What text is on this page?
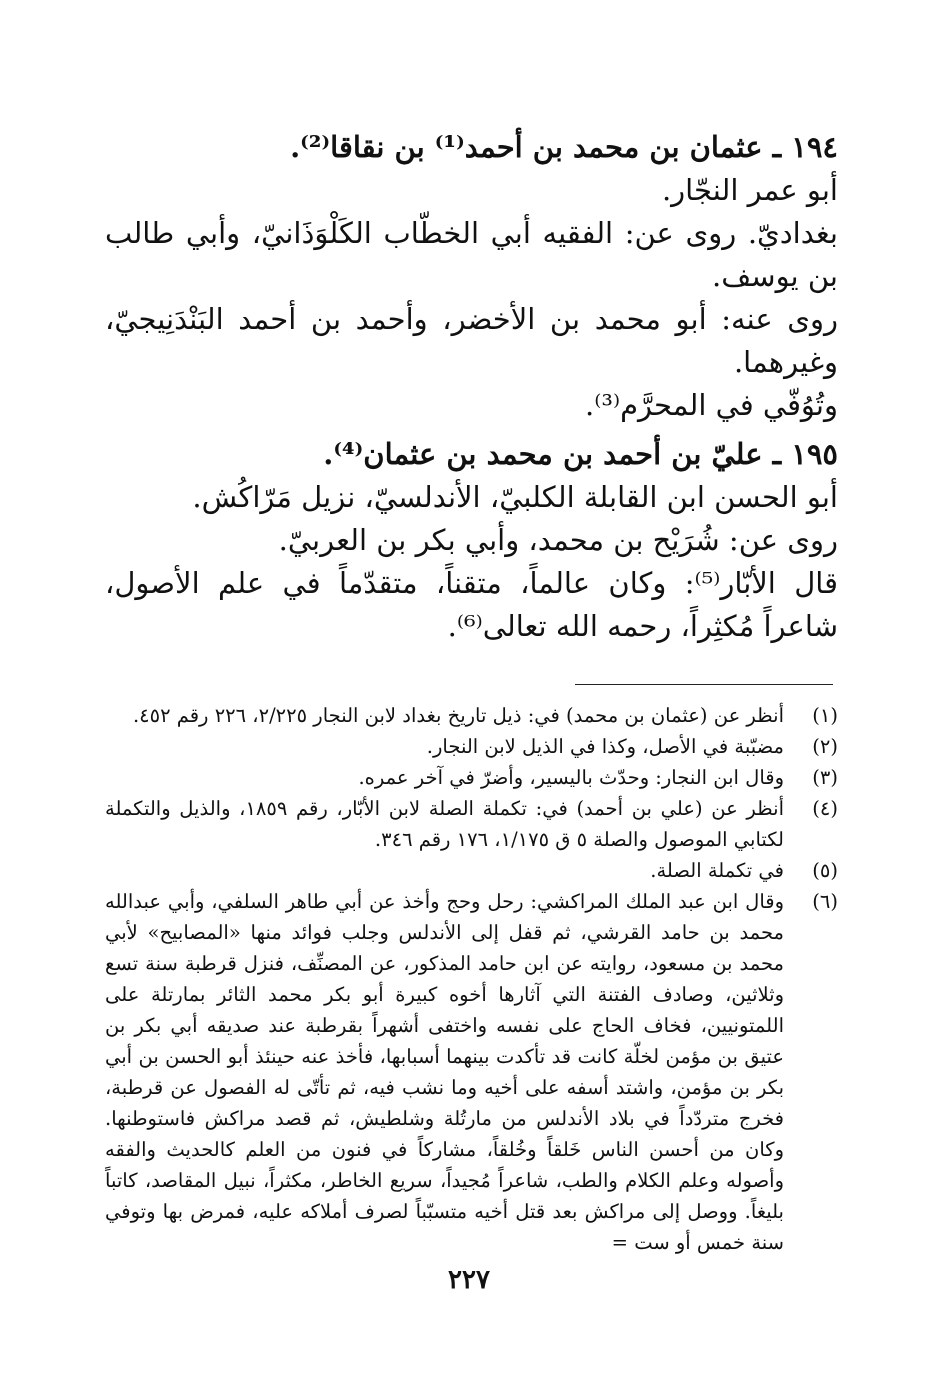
١٩٤ ـ عثمان بن محمد بن أحمد⁽¹⁾ بن نقاقا⁽²⁾.

أبو عمر النجّار.

بغداديّ. روى عن: الفقيه أبي الخطّاب الكَلْوَذَانيّ، وأبي طالب بن يوسف.

روى عنه: أبو محمد بن الأخضر، وأحمد بن أحمد البَنْدَنِيجيّ، وغيرهما.

وتُوُفّي في المحرَّم⁽³⁾.

١٩٥ ـ عليّ بن أحمد بن محمد بن عثمان⁽⁴⁾.

أبو الحسن ابن القابلة الكلبيّ، الأندلسيّ، نزيل مَرّاكُش.

روى عن: شُرَيْح بن محمد، وأبي بكر بن العربيّ.

قال الأبّار⁽⁵⁾: وكان عالماً، متقناً، متقدّماً في علم الأصول، شاعراً مُكثِراً، رحمه الله تعالى⁽⁶⁾.

(١)
أنظر عن (عثمان بن محمد) في: ذيل تاريخ بغداد لابن النجار ٢/٢٢٥، ٢٢٦ رقم ٤٥٢.
(٢)
مضبّبة في الأصل، وكذا في الذيل لابن النجار.
(٣)
وقال ابن النجار: وحدّث باليسير، وأضرّ في آخر عمره.
(٤)
أنظر عن (علي بن أحمد) في: تكملة الصلة لابن الأبّار، رقم ١٨٥٩، والذيل والتكملة لكتابي الموصول والصلة ٥ ق ١/١٧٥، ١٧٦ رقم ٣٤٦.
(٥)
في تكملة الصلة.
(٦)
وقال ابن عبد الملك المراكشي: رحل وحج وأخذ عن أبي طاهر السلفي، وأبي عبدالله محمد بن حامد القرشي، ثم قفل إلى الأندلس وجلب فوائد منها «المصابيح» لأبي محمد بن مسعود، روايته عن ابن حامد المذكور، عن المصنِّف، فنزل قرطبة سنة تسع وثلاثين، وصادف الفتنة التي آثارها أخوه كبيرة أبو بكر محمد الثائر بمارتلة على اللمتونيين، فخاف الحاج على نفسه واختفى أشهراً بقرطبة عند صديقه أبي بكر بن عتيق بن مؤمن لخلّة كانت قد تأكدت بينهما أسبابها، فأخذ عنه حينئذ أبو الحسن بن أبي بكر بن مؤمن، واشتد أسفه على أخيه وما نشب فيه، ثم تأتّى له الفصول عن قرطبة، فخرج متردّداً في بلاد الأندلس من مارتُلة وشلطيش، ثم قصد مراكش فاستوطنها. وكان من أحسن الناس خَلقاً وخُلقاً، مشاركاً في فنون من العلم كالحديث والفقه وأصوله وعلم الكلام والطب، شاعراً مُجيداً، سريع الخاطر، مكثراً، نبيل المقاصد، كاتباً بليغاً. ووصل إلى مراكش بعد قتل أخيه متسبّباً لصرف أملاكه عليه، فمرض بها وتوفي سنة خمس أو ست =
٢٢٧
